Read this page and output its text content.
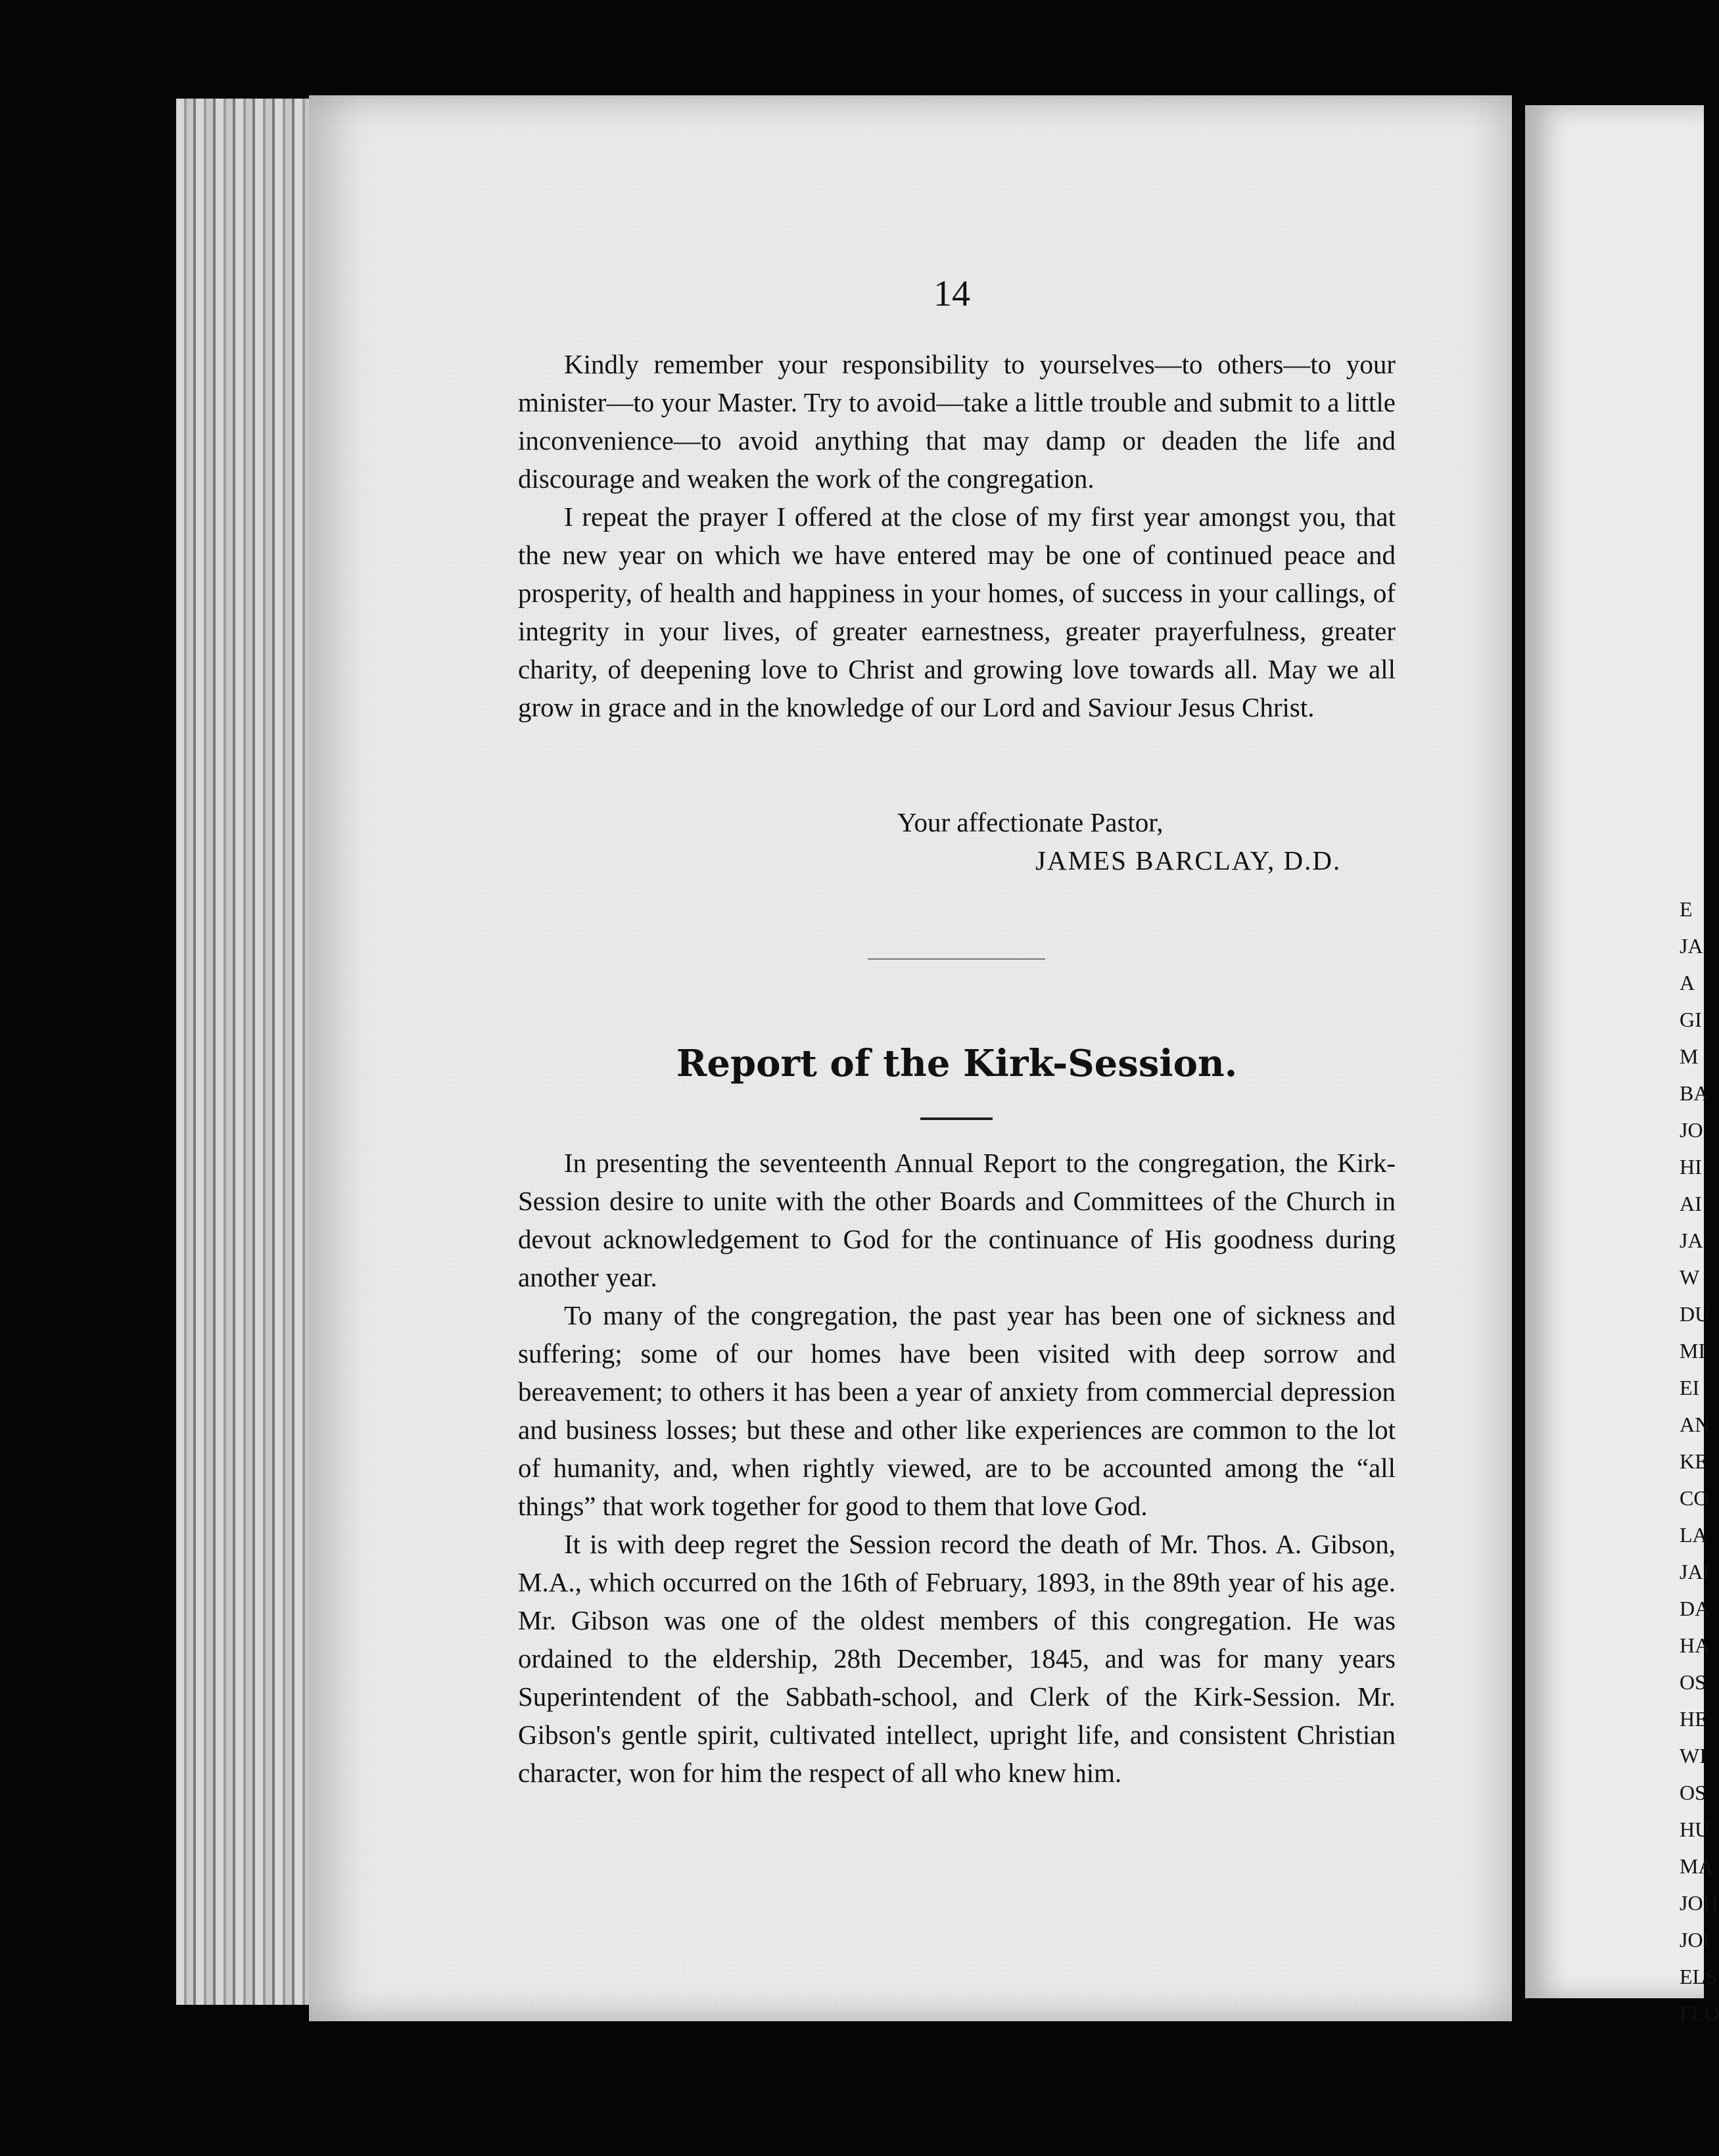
E
JA
A
GI
M
BA
JO
HI
AI
JA
W
DU
MI
EI
AN
KE
CO
LA
JAI
DA
HA
OS
HE
WI
OS
HU
MA
JOH
JOI
ELS
FLO
14

Kindly remember your responsibility to yourselves—to others—to your minister—to your Master. Try to avoid—take a little trouble and submit to a little inconvenience—to avoid anything that may damp or deaden the life and discourage and weaken the work of the congregation.

I repeat the prayer I offered at the close of my first year amongst you, that the new year on which we have entered may be one of continued peace and prosperity, of health and happiness in your homes, of success in your callings, of integrity in your lives, of greater earnestness, greater prayerfulness, greater charity, of deepening love to Christ and growing love towards all. May we all grow in grace and in the knowledge of our Lord and Saviour Jesus Christ.

Your affectionate Pastor,
JAMES BARCLAY, D.D.
Report of the Kirk-Session.

In presenting the seventeenth Annual Report to the congregation, the Kirk-Session desire to unite with the other Boards and Committees of the Church in devout acknowledgement to God for the continuance of His goodness during another year.

To many of the congregation, the past year has been one of sickness and suffering; some of our homes have been visited with deep sorrow and bereavement; to others it has been a year of anxiety from commercial depression and business losses; but these and other like experiences are common to the lot of humanity, and, when rightly viewed, are to be accounted among the “all things” that work together for good to them that love God.

It is with deep regret the Session record the death of Mr. Thos. A. Gibson, M.A., which occurred on the 16th of February, 1893, in the 89th year of his age. Mr. Gibson was one of the oldest members of this congregation. He was ordained to the eldership, 28th December, 1845, and was for many years Superintendent of the Sabbath-school, and Clerk of the Kirk-Session. Mr. Gibson's gentle spirit, cultivated intellect, upright life, and consistent Christian character, won for him the respect of all who knew him.
